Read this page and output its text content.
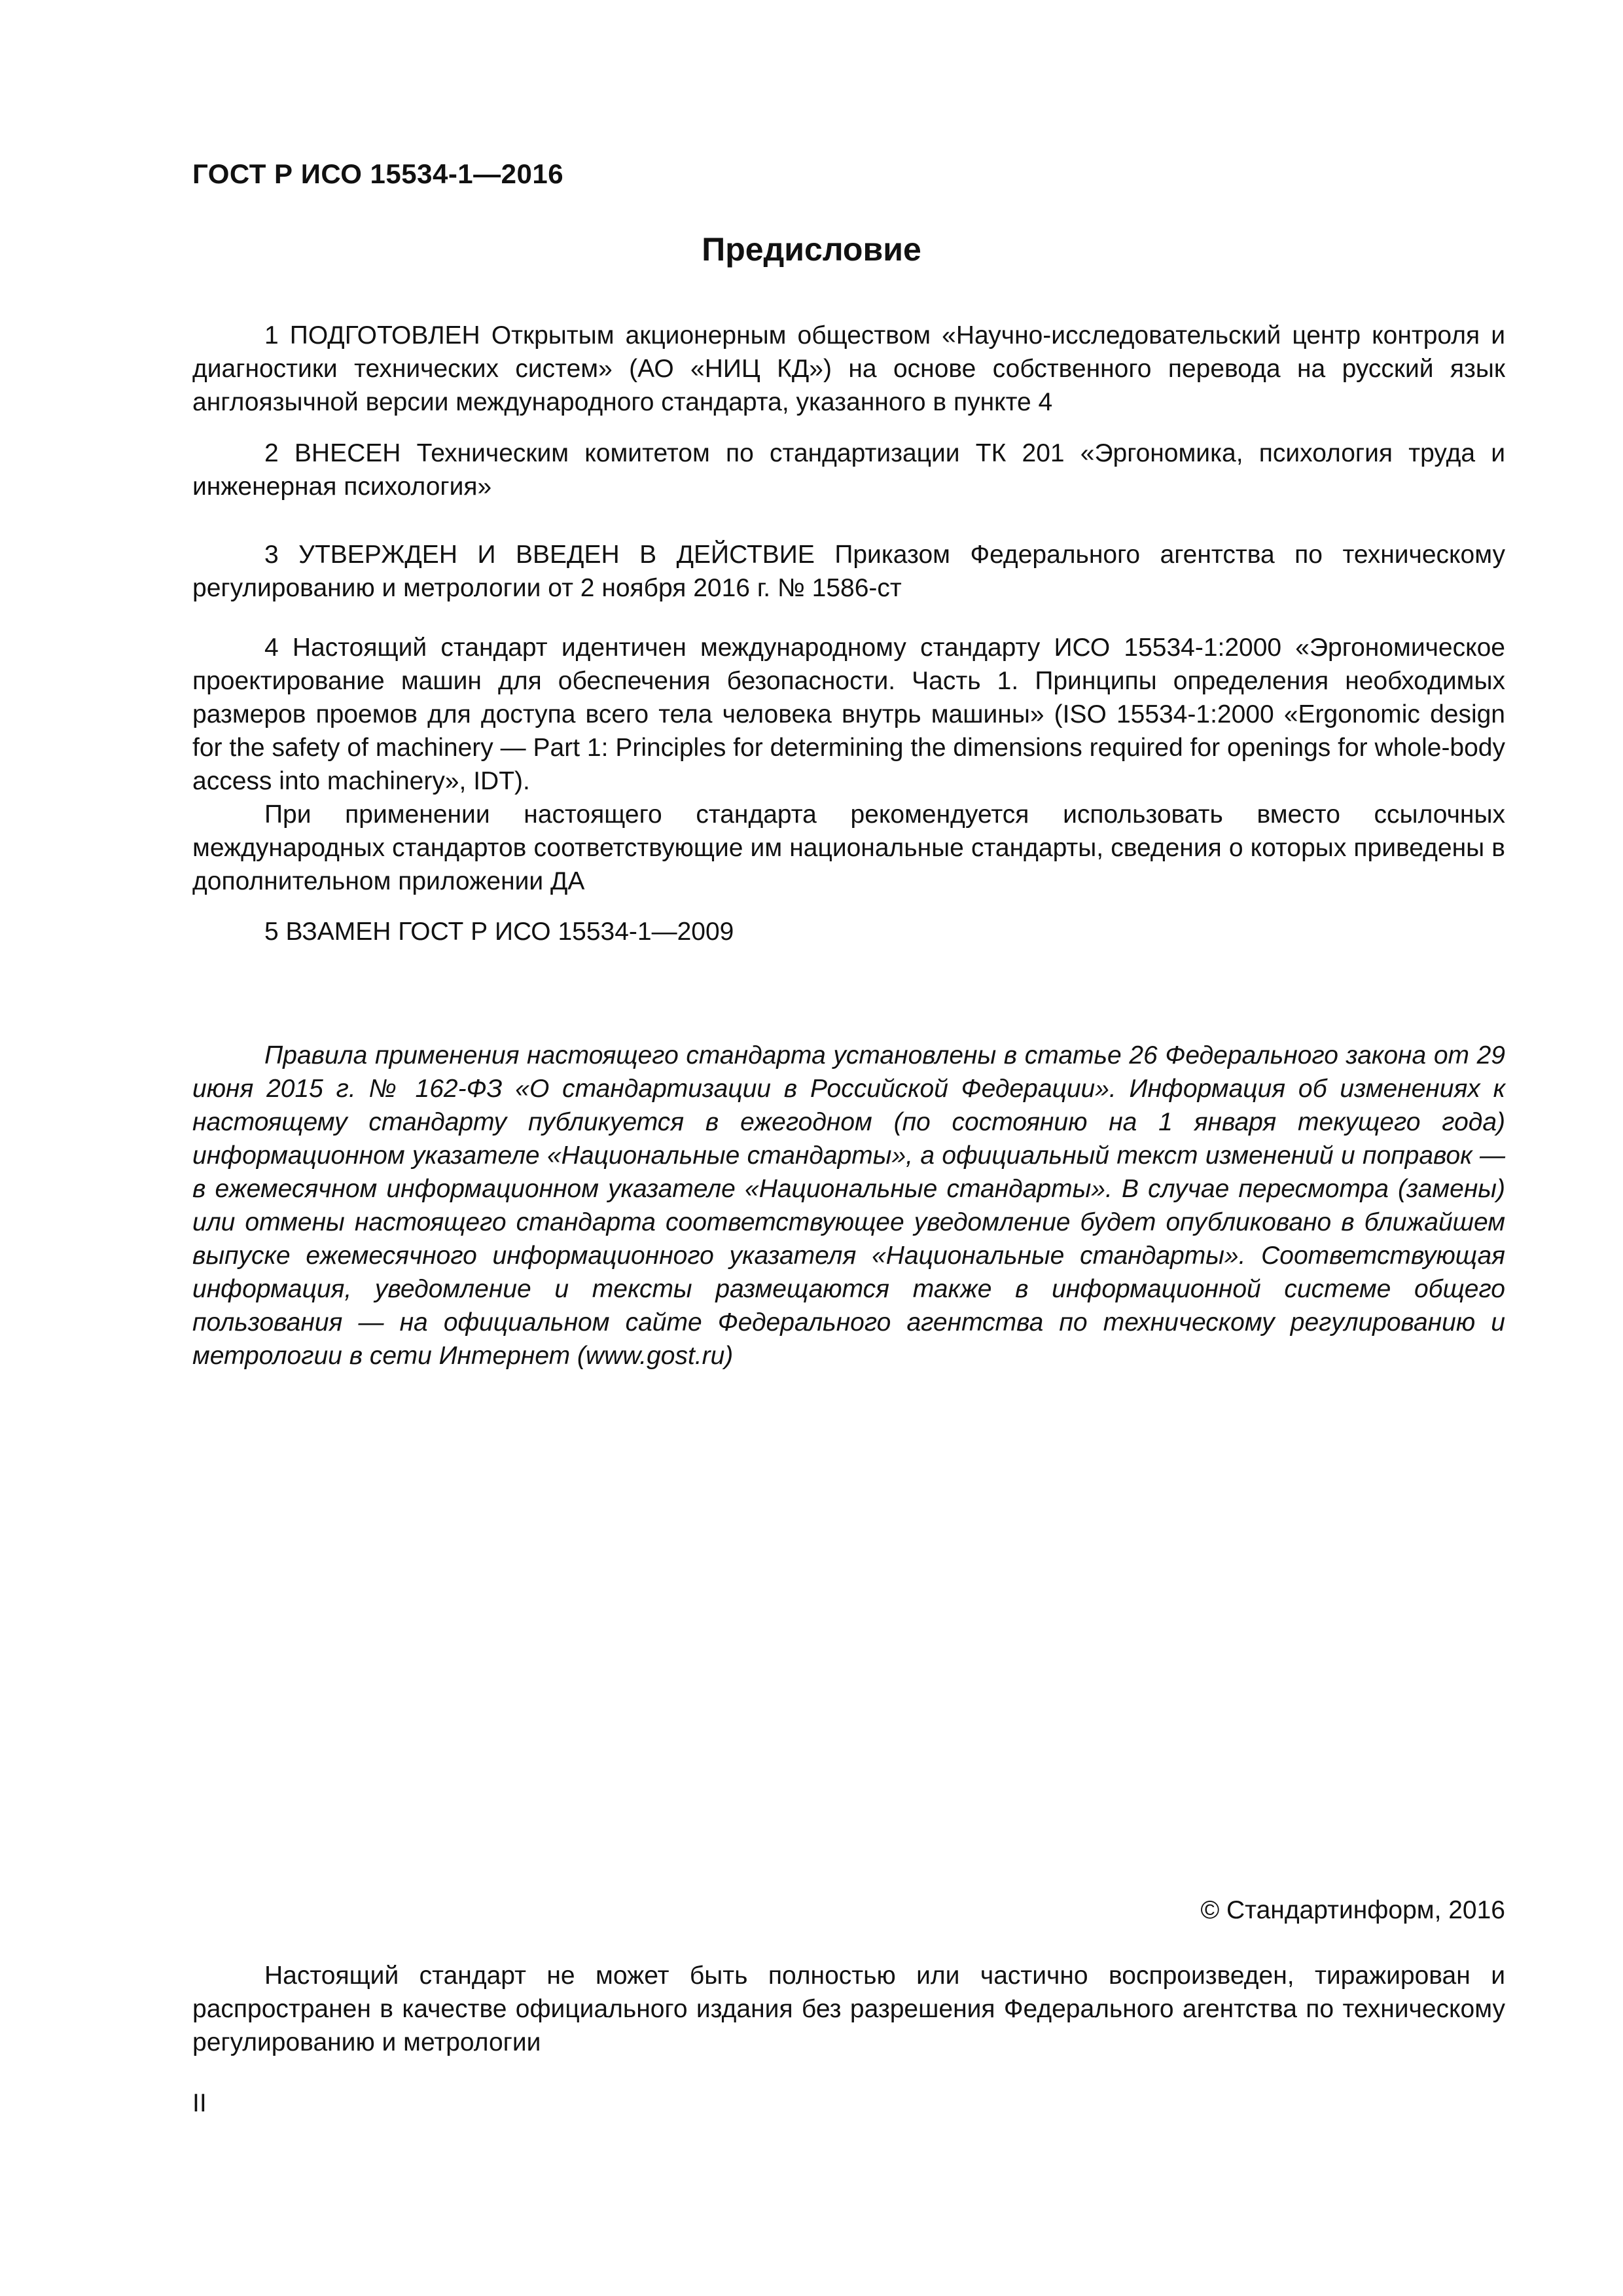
ГОСТ Р ИСО 15534-1—2016
Предисловие

1 ПОДГОТОВЛЕН Открытым акционерным обществом «Научно-исследовательский центр контроля и диагностики технических систем» (АО «НИЦ КД») на основе собственного перевода на русский язык англоязычной версии международного стандарта, указанного в пункте 4

2 ВНЕСЕН Техническим комитетом по стандартизации ТК 201 «Эргономика, психология труда и инженерная психология»

3 УТВЕРЖДЕН И ВВЕДЕН В ДЕЙСТВИЕ Приказом Федерального агентства по техническому регулированию и метрологии от 2 ноября 2016 г. № 1586-ст

4 Настоящий стандарт идентичен международному стандарту ИСО 15534-1:2000 «Эргономическое проектирование машин для обеспечения безопасности. Часть 1. Принципы определения необходимых размеров проемов для доступа всего тела человека внутрь машины» (ISO 15534-1:2000 «Ergonomic design for the safety of machinery — Part 1: Principles for determining the dimensions required for openings for whole-body access into machinery», IDT).

При применении настоящего стандарта рекомендуется использовать вместо ссылочных международных стандартов соответствующие им национальные стандарты, сведения о которых приведены в дополнительном приложении ДА

5 ВЗАМЕН ГОСТ Р ИСО 15534-1—2009

Правила применения настоящего стандарта установлены в статье 26 Федерального закона от 29 июня 2015 г. № 162-ФЗ «О стандартизации в Российской Федерации». Информация об изменениях к настоящему стандарту публикуется в ежегодном (по состоянию на 1 января текущего года) информационном указателе «Национальные стандарты», а официальный текст изменений и поправок — в ежемесячном информационном указателе «Национальные стандарты». В случае пересмотра (замены) или отмены настоящего стандарта соответствующее уведомление будет опубликовано в ближайшем выпуске ежемесячного информационного указателя «Национальные стандарты». Соответствующая информация, уведомление и тексты размещаются также в информационной системе общего пользования — на официальном сайте Федерального агентства по техническому регулированию и метрологии в сети Интернет (www.gost.ru)

© Стандартинформ, 2016

Настоящий стандарт не может быть полностью или частично воспроизведен, тиражирован и распространен в качестве официального издания без разрешения Федерального агентства по техническому регулированию и метрологии

II
